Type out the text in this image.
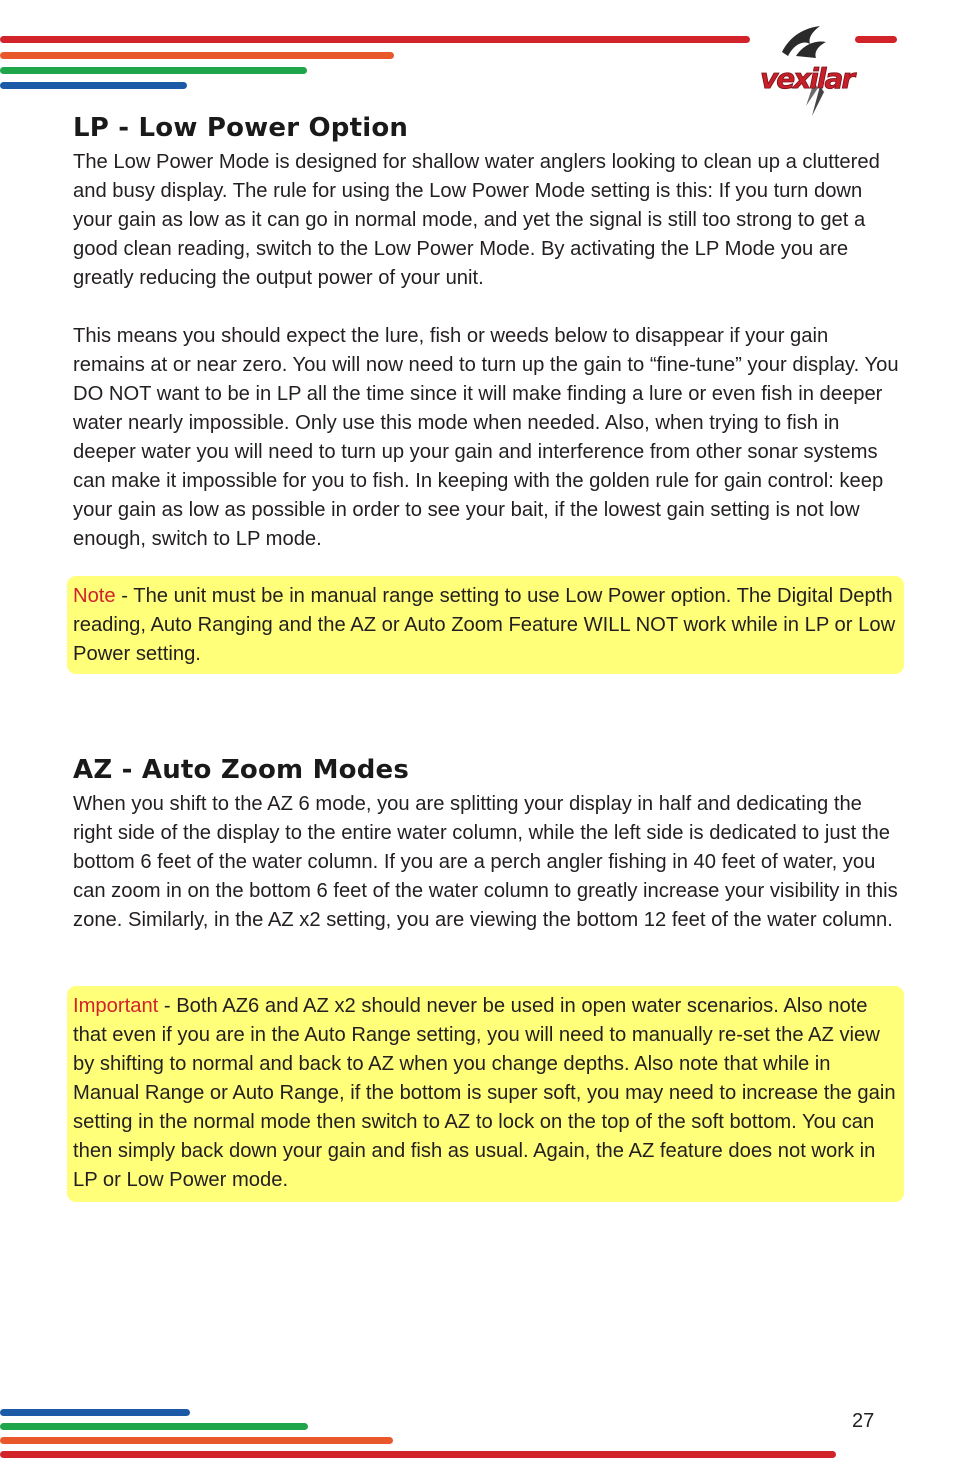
vexilar
LP - Low Power Option

The Low Power Mode is designed for shallow water anglers looking to clean up a cluttered and busy display. The rule for using the Low Power Mode setting is this: If you turn down your gain as low as it can go in normal mode, and yet the signal is still too strong to get a good clean reading, switch to the Low Power Mode. By activating the LP Mode you are greatly reducing the output power of your unit.

This means you should expect the lure, fish or weeds below to disappear if your gain remains at or near zero. You will now need to turn up the gain to “fine-tune” your display. You DO NOT want to be in LP all the time since it will make finding a lure or even fish in deeper water nearly impossible. Only use this mode when needed. Also, when trying to fish in deeper water you will need to turn up your gain and interference from other sonar systems can make it impossible for you to fish. In keeping with the golden rule for gain control: keep your gain as low as possible in order to see your bait, if the lowest gain setting is not low enough, switch to LP mode.

Note - The unit must be in manual range setting to use Low Power option. The Digital Depth reading, Auto Ranging and the AZ or Auto Zoom Feature WILL NOT work while in LP or Low Power setting.

AZ - Auto Zoom Modes

When you shift to the AZ 6 mode, you are splitting your display in half and dedicating the right side of the display to the entire water column, while the left side is dedicated to just the bottom 6 feet of the water column. If you are a perch angler fishing in 40 feet of water, you can zoom in on the bottom 6 feet of the water column to greatly increase your visibility in this zone. Similarly, in the AZ x2 setting, you are viewing the bottom 12 feet of the water column.

Important - Both AZ6 and AZ x2 should never be used in open water scenarios. Also note that even if you are in the Auto Range setting, you will need to manually re-set the AZ view by shifting to normal and back to AZ when you change depths. Also note that while in Manual Range or Auto Range, if the bottom is super soft, you may need to increase the gain setting in the normal mode then switch to AZ to lock on the top of the soft bottom. You can then simply back down your gain and fish as usual. Again, the AZ feature does not work in LP or Low Power mode.

27
